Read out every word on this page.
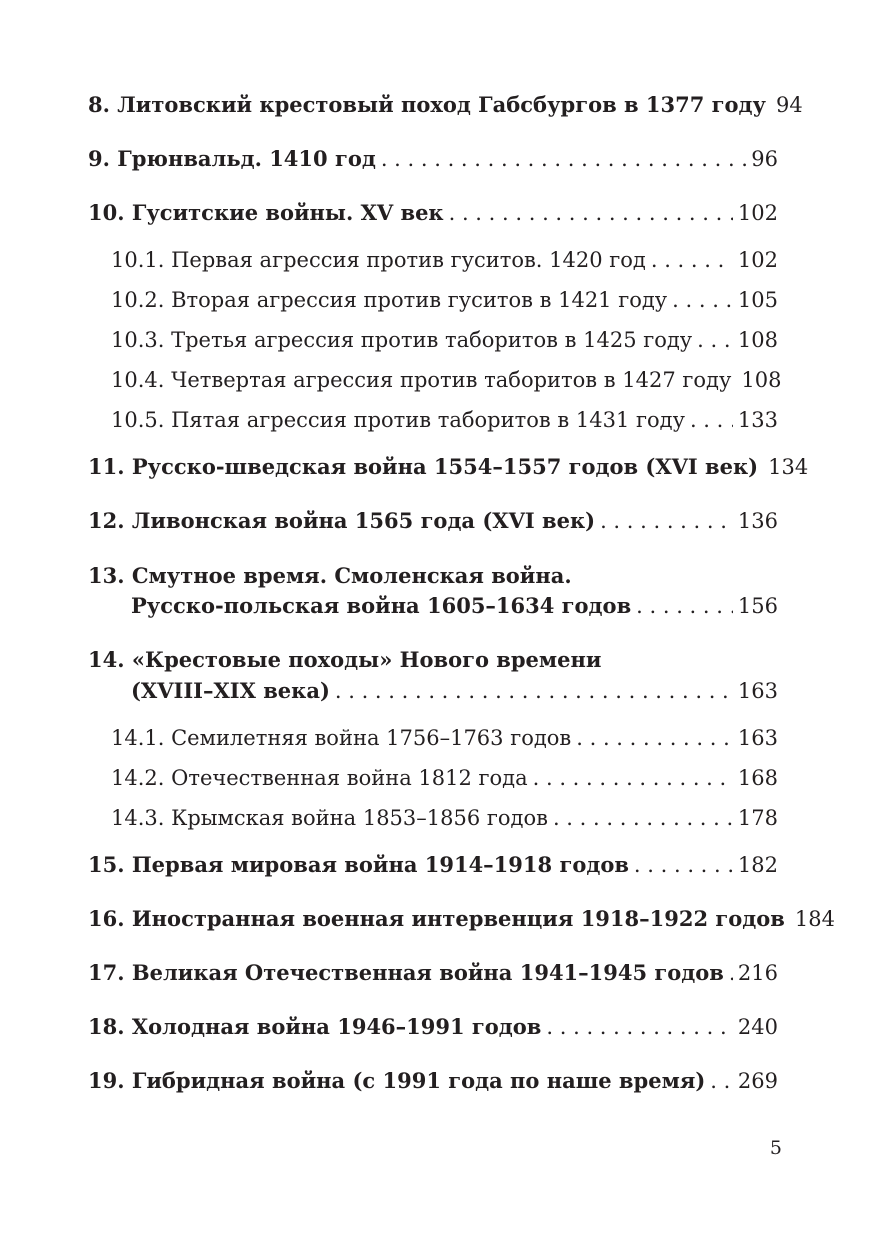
8. Литовский крестовый поход Габсбургов в 1377 году 94
9. Грюнвальд. 1410 год . . .	96
10. Гуситские войны. XV век . . .	102
10.1. Первая агрессия против гуситов. 1420 год . . .	102
10.2. Вторая агрессия против гуситов в 1421 году . . .	105
10.3. Третья агрессия против таборитов в 1425 году . . . 108
10.4. Четвертая агрессия против таборитов в 1427 году 108
10.5. Пятая агрессия против таборитов в 1431 году . . .	133
11. Русско-шведская война 1554–1557 годов (XVI век) 134
12. Ливонская война 1565 года (XVI век) . . .	136
13. Смутное время. Смоленская война.
Русско-польская война 1605–1634 годов . . .	156
14. «Крестовые походы» Нового времени
(XVIII–XIX века) . . .	163
14.1. Семилетняя война 1756–1763 годов . . .	163
14.2. Отечественная война 1812 года . . .	168
14.3. Крымская война 1853–1856 годов . . .	178
15. Первая мировая война 1914–1918 годов . . .	182
16. Иностранная военная интервенция 1918–1922 годов 184
17. Великая Отечественная война 1941–1945 годов . . . 216
18. Холодная война 1946–1991 годов . . .	240
19. Гибридная война (с 1991 года по наше время) . . . 269
5
